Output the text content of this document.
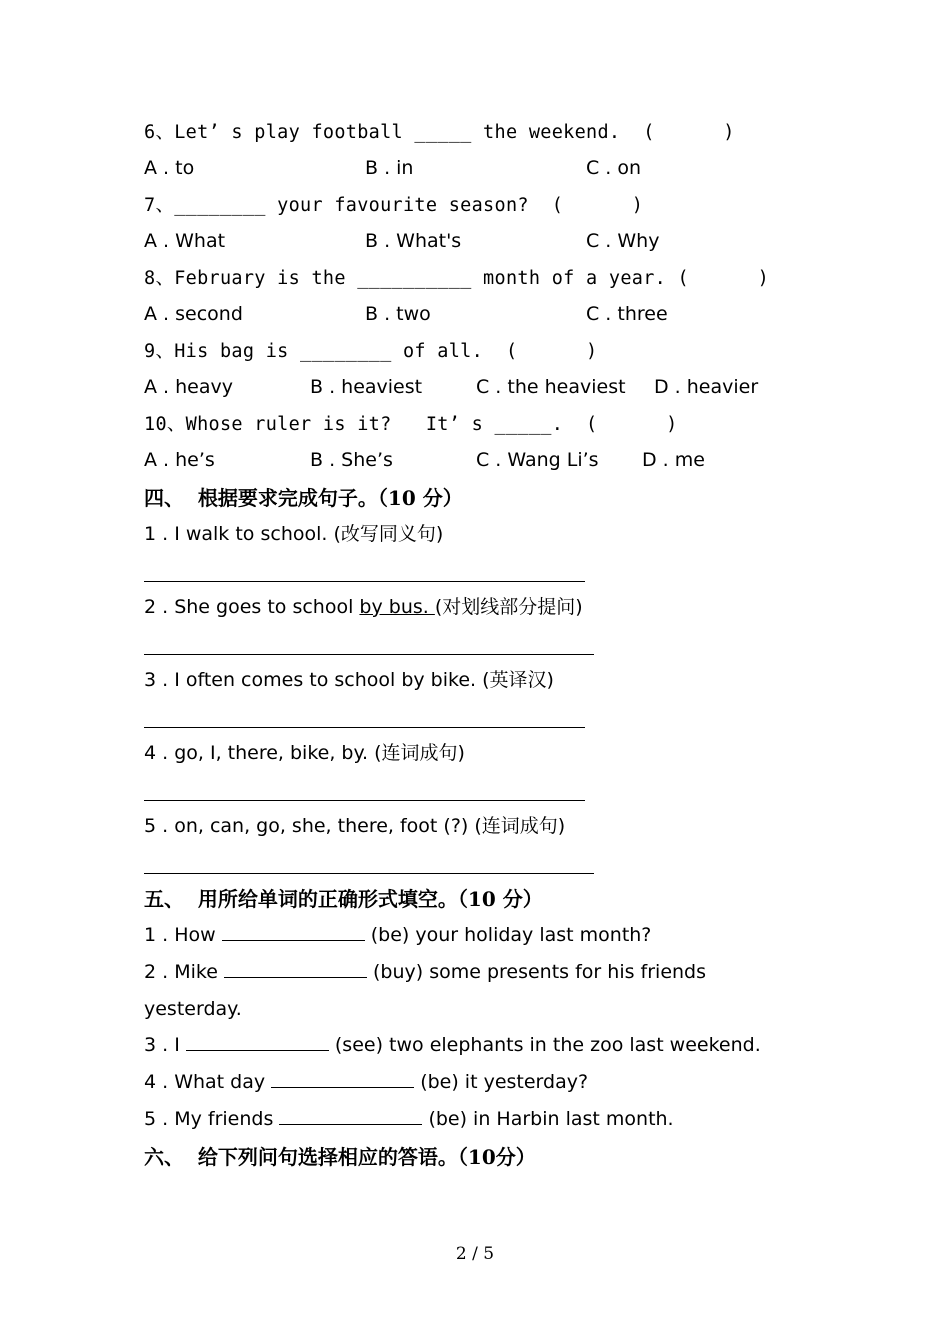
6、Let’ s play football _____ the weekend.  (      )
A . to	B . in	C . on
7、________ your favourite season?  (      )
A . What	B . What's	C . Why
8、February is the __________ month of a year. (      )
A . second	B . two	C . three
9、His bag is ________ of all.  (      )
A . heavy	B . heaviest	C . the heaviest D . heavier
10、Whose ruler is it?   It’ s _____.  (      )
A . he’s	B . She’s	C . Wang Li’s D . me
四、  根据要求完成句子。（10 分）
1 . I walk to school. (改写同义句)
2 . She goes to school by bus. (对划线部分提问)
3 . I often comes to school by bike. (英译汉)
4 . go, I, there, bike, by. (连词成句)
5 . on, can, go, she, there, foot (?) (连词成句)
五、  用所给单词的正确形式填空。（10 分）
1 . How	(be) your holiday last month?
2 . Mike	(buy) some presents for his friends
yesterday.
3 . I	(see) two elephants in the zoo last weekend.
4 . What day	(be) it yesterday?
5 . My friends	(be) in Harbin last month.
六、  给下列问句选择相应的答语。（10分）
2 / 5
